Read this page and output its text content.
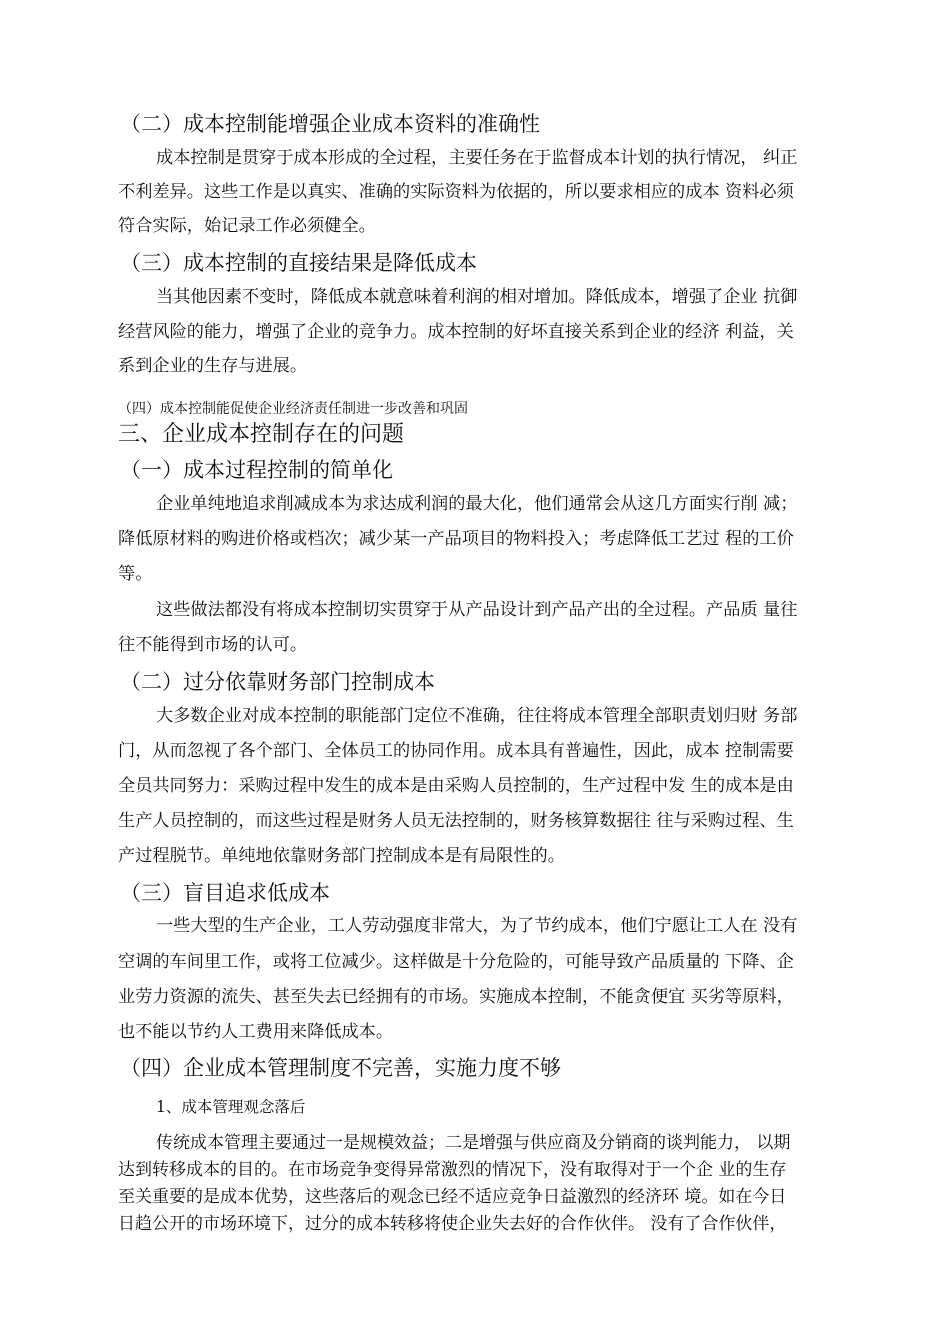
（二）成本控制能增强企业成本资料的准确性
成本控制是贯穿于成本形成的全过程，主要任务在于监督成本计划的执行情况， 纠正
不利差异。这些工作是以真实、准确的实际资料为依据的，所以要求相应的成本 资料必须
符合实际，始记录工作必须健全。
（三）成本控制的直接结果是降低成本
当其他因素不变时，降低成本就意味着利润的相对增加。降低成本，增强了企业 抗御
经营风险的能力，增强了企业的竞争力。成本控制的好坏直接关系到企业的经济 利益，关
系到企业的生存与进展。
（四）成本控制能促使企业经济责任制进一步改善和巩固
三、企业成本控制存在的问题
（一）成本过程控制的简单化
企业单纯地追求削减成本为求达成利润的最大化，他们通常会从这几方面实行削 减；
降低原材料的购进价格或档次；减少某一产品项目的物料投入；考虑降低工艺过 程的工价
等。
这些做法都没有将成本控制切实贯穿于从产品设计到产品产出的全过程。产品质 量往
往不能得到市场的认可。
（二）过分依靠财务部门控制成本
大多数企业对成本控制的职能部门定位不准确，往往将成本管理全部职责划归财 务部
门，从而忽视了各个部门、全体员工的协同作用。成本具有普遍性，因此，成本 控制需要
全员共同努力：采购过程中发生的成本是由采购人员控制的，生产过程中发 生的成本是由
生产人员控制的，而这些过程是财务人员无法控制的，财务核算数据往 往与采购过程、生
产过程脱节。单纯地依靠财务部门控制成本是有局限性的。
（三）盲目追求低成本
一些大型的生产企业，工人劳动强度非常大，为了节约成本，他们宁愿让工人在 没有
空调的车间里工作，或将工位减少。这样做是十分危险的，可能导致产品质量的 下降、企
业劳力资源的流失、甚至失去已经拥有的市场。实施成本控制，不能贪便宜 买劣等原料，
也不能以节约人工费用来降低成本。
（四）企业成本管理制度不完善，实施力度不够
1、成本管理观念落后
传统成本管理主要通过一是规模效益；二是增强与供应商及分销商的谈判能力， 以期
达到转移成本的目的。在市场竞争变得异常激烈的情况下，没有取得对于一个企 业的生存
至关重要的是成本优势，这些落后的观念已经不适应竞争日益激烈的经济环 境。如在今日
日趋公开的市场环境下，过分的成本转移将使企业失去好的合作伙伴。 没有了合作伙伴，
